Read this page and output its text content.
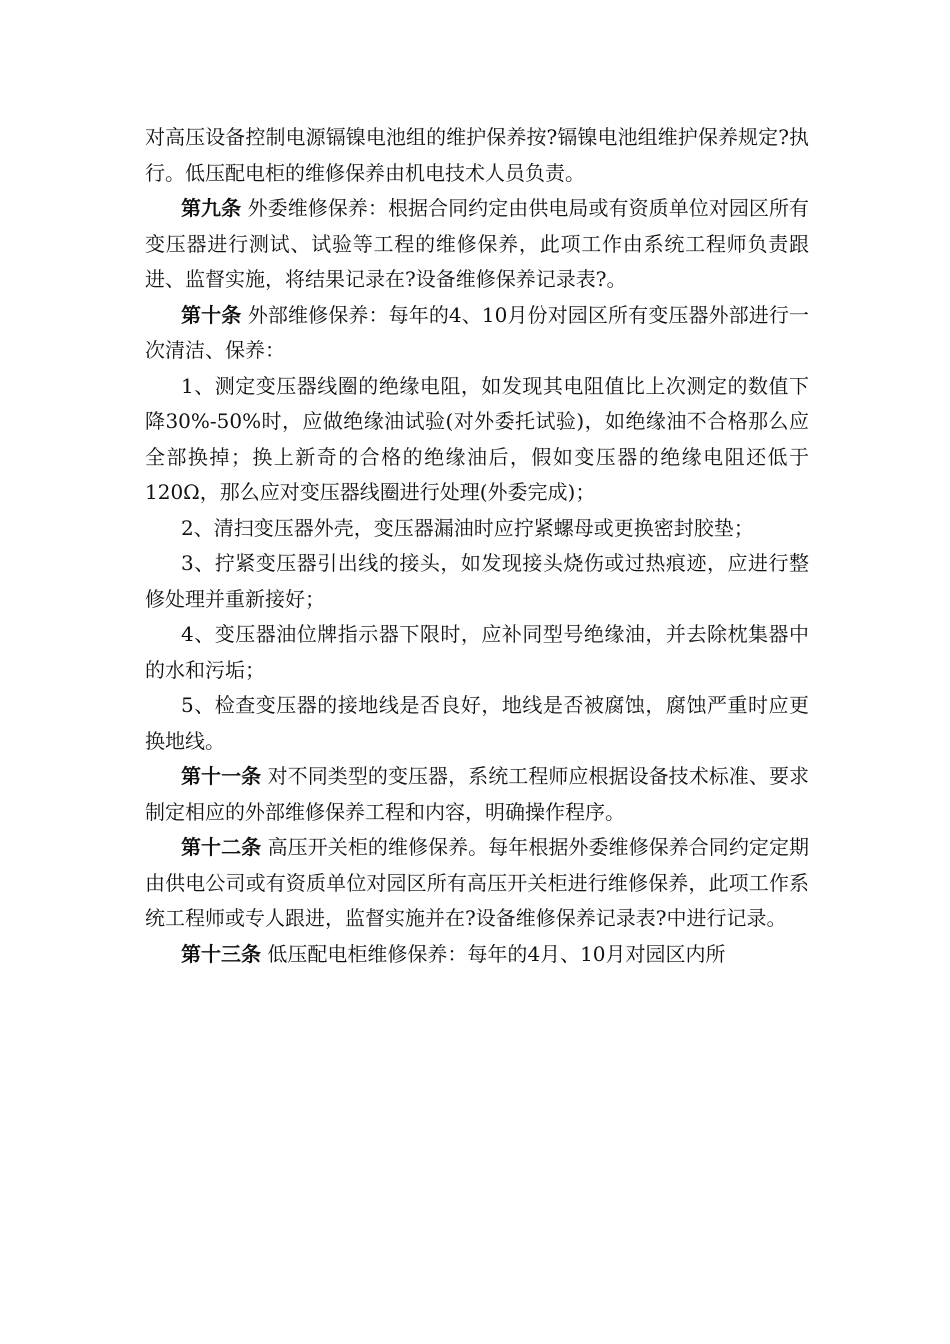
对高压设备控制电源镉镍电池组的维护保养按?镉镍电池组维护保养规定?执行。低压配电柜的维修保养由机电技术人员负责。

第九条 外委维修保养：根据合同约定由供电局或有资质单位对园区所有变压器进行测试、试验等工程的维修保养，此项工作由系统工程师负责跟进、监督实施，将结果记录在?设备维修保养记录表?。

第十条 外部维修保养：每年的4、10月份对园区所有变压器外部进行一次清洁、保养：

1、测定变压器线圈的绝缘电阻，如发现其电阻值比上次测定的数值下降30%-50%时，应做绝缘油试验(对外委托试验)，如绝缘油不合格那么应全部换掉；换上新奇的合格的绝缘油后，假如变压器的绝缘电阻还低于120Ω，那么应对变压器线圈进行处理(外委完成)；

2、清扫变压器外壳，变压器漏油时应拧紧螺母或更换密封胶垫；

3、拧紧变压器引出线的接头，如发现接头烧伤或过热痕迹，应进行整修处理并重新接好；

4、变压器油位牌指示器下限时，应补同型号绝缘油，并去除枕集器中的水和污垢；

5、检查变压器的接地线是否良好，地线是否被腐蚀，腐蚀严重时应更换地线。

第十一条 对不同类型的变压器，系统工程师应根据设备技术标准、要求制定相应的外部维修保养工程和内容，明确操作程序。

第十二条 高压开关柜的维修保养。每年根据外委维修保养合同约定定期由供电公司或有资质单位对园区所有高压开关柜进行维修保养，此项工作系统工程师或专人跟进，监督实施并在?设备维修保养记录表?中进行记录。

第十三条 低压配电柜维修保养：每年的4月、10月对园区内所
